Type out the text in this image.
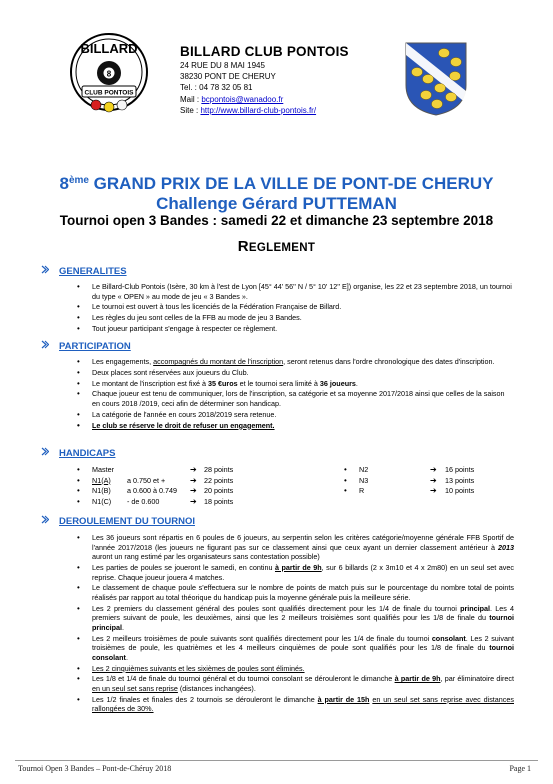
BILLARD
8
CLUB PONTOIS
BILLARD CLUB PONTOIS
24 RUE DU 8 MAI 1945
38230 PONT DE CHERUY
Tel. : 04 78 32 05 81
Mail : bcpontois@wanadoo.fr
Site : http://www.billard-club-pontois.fr/
8ème GRAND PRIX DE LA VILLE DE PONT-DE CHERUY
Challenge Gérard PUTTEMAN
Tournoi open 3 Bandes : samedi 22 et dimanche 23 septembre 2018
REGLEMENT
GENERALITES
• Le Billard-Club Pontois (Isère, 30 km à l'est de Lyon [45° 44' 56'' N / 5° 10' 12'' E]) organise, les 22 et 23 septembre 2018, un tournoi du type « OPEN » au mode de jeu « 3 Bandes ».
• Le tournoi est ouvert à tous les licenciés de la Fédération Française de Billard.
• Les règles du jeu sont celles de la FFB au mode de jeu 3 Bandes.
• Tout joueur participant s'engage à respecter ce règlement.
PARTICIPATION
• Les engagements, accompagnés du montant de l'inscription, seront retenus dans l'ordre chronologique des dates d'inscription.
• Deux places sont réservées aux joueurs du Club.
• Le montant de l'inscription est fixé à 35 €uros et le tournoi sera limité à 36 joueurs.
• Chaque joueur est tenu de communiquer, lors de l'inscription, sa catégorie et sa moyenne 2017/2018 ainsi que celles de la saison en cours 2018 /2019, ceci afin de déterminer son handicap.
• La catégorie de l'année en cours 2018/2019 sera retenue.
• Le club se réserve le droit de refuser un engagement.
HANDICAPS
• Master	➔ 28 points	• N2	➔ 16 points
• N1(A) a 0.750 et +	➔ 22 points	• N3	➔ 13 points
• N1(B) a 0.600 à 0.749 ➔ 20 points	• R	➔ 10 points
• N1(C) - de 0.600	➔ 18 points
DEROULEMENT DU TOURNOI
• Les 36 joueurs sont répartis en 6 poules de 6 joueurs, au serpentin selon les critères catégorie/moyenne générale FFB Sportif de l'année 2017/2018 (les joueurs ne figurant pas sur ce classement ainsi que ceux ayant un dernier classement antérieur à 2013 auront un rang estimé par les organisateurs sans contestation possible)
• Les parties de poules se joueront le samedi, en continu à partir de 9h, sur 6 billards (2 x 3m10 et 4 x 2m80) en un seul set avec reprise. Chaque joueur jouera 4 matches.
• Le classement de chaque poule s'effectuera sur le nombre de points de match puis sur le pourcentage du nombre total de points réalisés par rapport au total théorique du handicap puis la moyenne générale puis la meilleure série.
• Les 2 premiers du classement général des poules sont qualifiés directement pour les 1/4 de finale du tournoi principal. Les 4 premiers suivant de poule, les deuxièmes, ainsi que les 2 meilleurs troisièmes sont qualifiés pour les 1/8 de finale du tournoi principal.
• Les 2 meilleurs troisièmes de poule suivants sont qualifiés directement pour les 1/4 de finale du tournoi consolant. Les 2 suivant troisièmes de poule, les quatrièmes et les 4 meilleurs cinquièmes de poule sont qualifiés pour les 1/8 de finale du tournoi consolant.
• Les 2 cinquièmes suivants et les sixièmes de poules sont éliminés.
• Les 1/8 et 1/4 de finale du tournoi général et du tournoi consolant se dérouleront le dimanche à partir de 9h, par éliminatoire direct en un seul set sans reprise (distances inchangées).
• Les 1/2 finales et finales des 2 tournois se dérouleront le dimanche à partir de 15h en un seul set sans reprise avec distances rallongées de 30%.
Tournoi Open 3 Bandes – Pont-de-Chéruy 2018	Page 1
